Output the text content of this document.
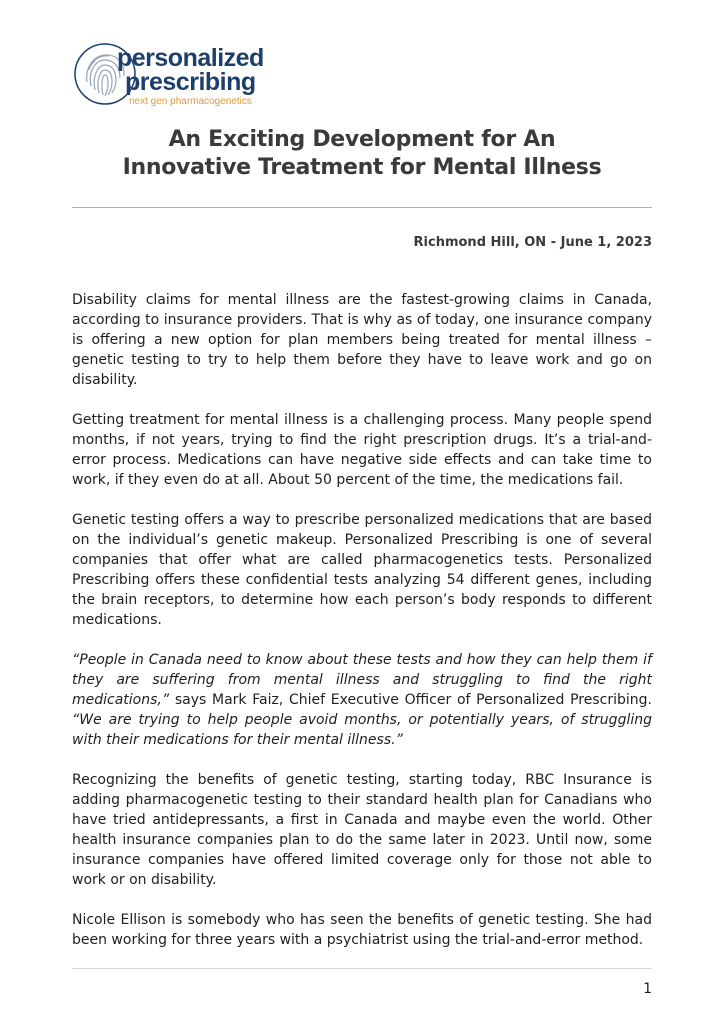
personalized
prescribing
next gen pharmacogenetics
An Exciting Development for An
Innovative Treatment for Mental Illness
Richmond Hill, ON - June 1, 2023

Disability claims for mental illness are the fastest-growing claims in Canada, according to insurance providers. That is why as of today, one insurance company is offering a new option for plan members being treated for mental illness – genetic testing to try to help them before they have to leave work and go on disability.

Getting treatment for mental illness is a challenging process. Many people spend months, if not years, trying to find the right prescription drugs. It’s a trial-and-error process. Medications can have negative side effects and can take time to work, if they even do at all. About 50 percent of the time, the medications fail.

Genetic testing offers a way to prescribe personalized medications that are based on the individual’s genetic makeup. Personalized Prescribing is one of several companies that offer what are called pharmacogenetics tests. Personalized Prescribing offers these confidential tests analyzing 54 different genes, including the brain receptors, to determine how each person’s body responds to different medications.

“People in Canada need to know about these tests and how they can help them if they are suffering from mental illness and struggling to find the right medications,” says Mark Faiz, Chief Executive Officer of Personalized Prescribing. “We are trying to help people avoid months, or potentially years, of struggling with their medications for their mental illness.”

Recognizing the benefits of genetic testing, starting today, RBC Insurance is adding pharmacogenetic testing to their standard health plan for Canadians who have tried antidepressants, a first in Canada and maybe even the world. Other health insurance companies plan to do the same later in 2023. Until now, some insurance companies have offered limited coverage only for those not able to work or on disability.

Nicole Ellison is somebody who has seen the benefits of genetic testing. She had been working for three years with a psychiatrist using the trial-and-error method.

1
